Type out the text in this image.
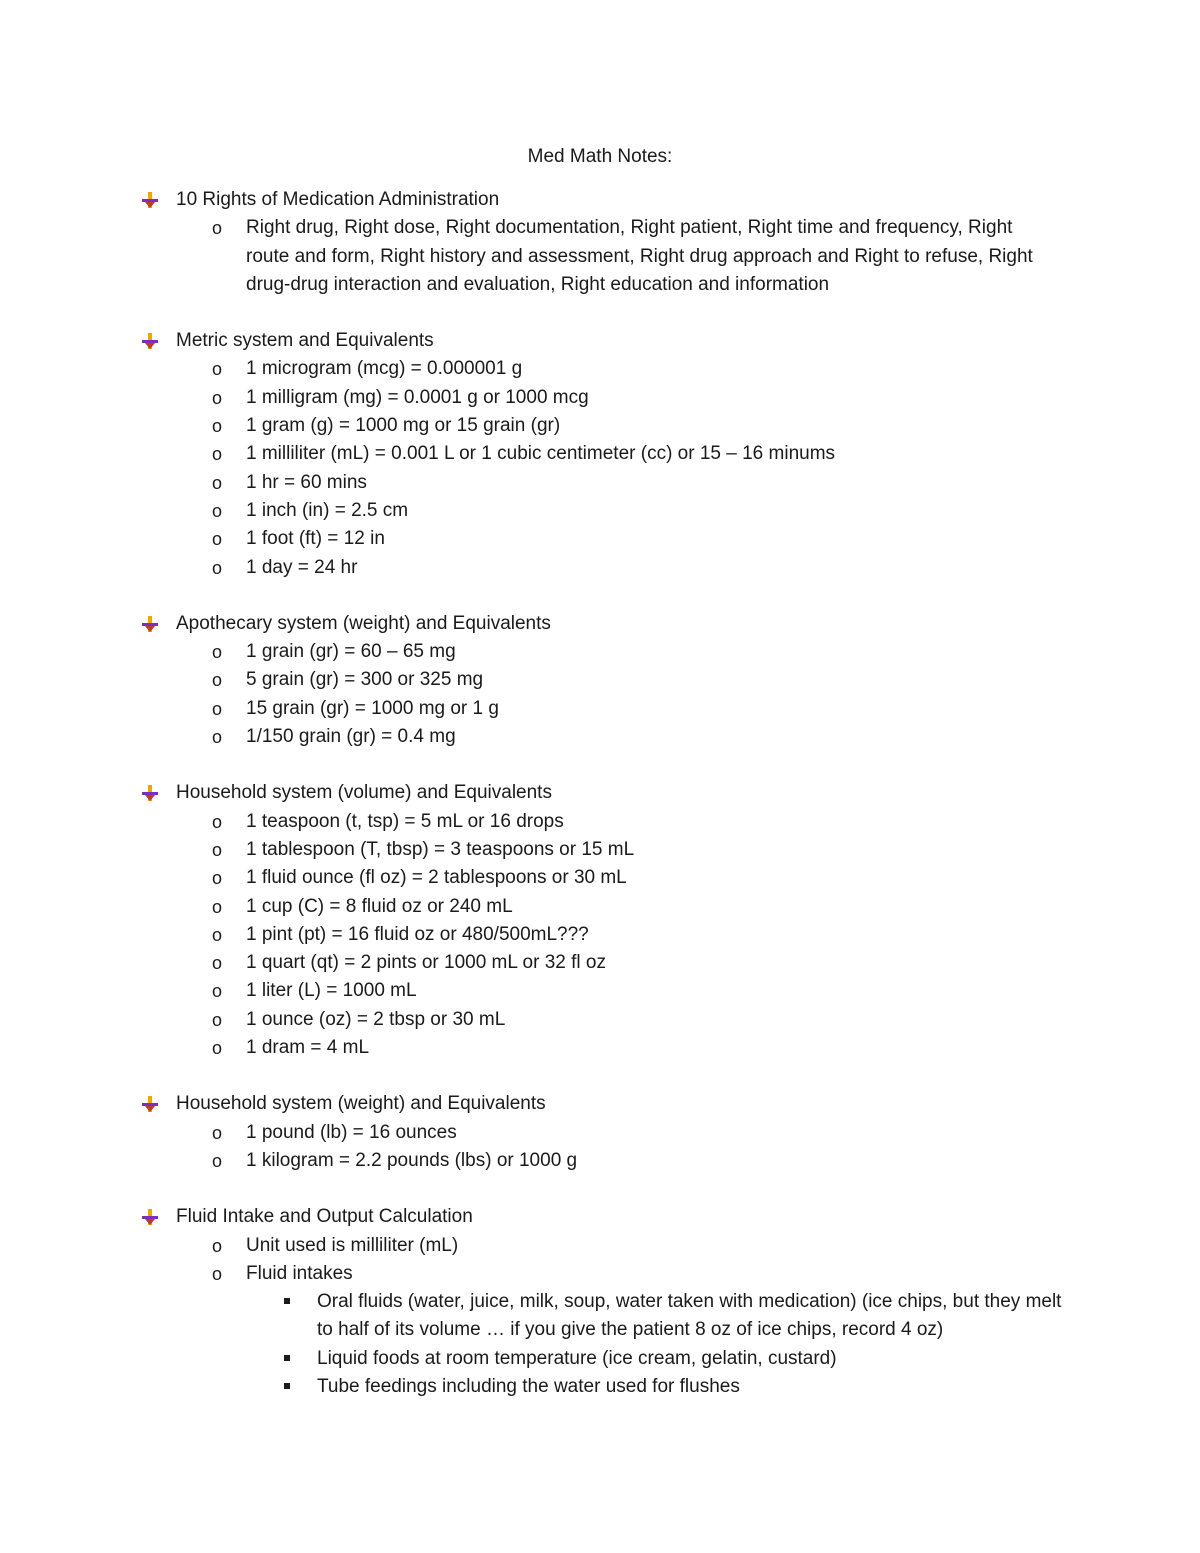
Med Math Notes:
10 Rights of Medication Administration
o Right drug, Right dose, Right documentation, Right patient, Right time and frequency, Right route and form, Right history and assessment, Right drug approach and Right to refuse, Right drug-drug interaction and evaluation, Right education and information
Metric system and Equivalents
o 1 microgram (mcg) = 0.000001 g
o 1 milligram (mg) = 0.0001 g or 1000 mcg
o 1 gram (g) = 1000 mg or 15 grain (gr)
o 1 milliliter (mL) = 0.001 L or 1 cubic centimeter (cc) or 15 – 16 minums
o 1 hr = 60 mins
o 1 inch (in) = 2.5 cm
o 1 foot (ft) = 12 in
o 1 day = 24 hr
Apothecary system (weight) and Equivalents
o 1 grain (gr) = 60 – 65 mg
o 5 grain (gr) = 300 or 325 mg
o 15 grain (gr) = 1000 mg or 1 g
o 1/150 grain (gr) = 0.4 mg
Household system (volume) and Equivalents
o 1 teaspoon (t, tsp) = 5 mL or 16 drops
o 1 tablespoon (T, tbsp) = 3 teaspoons or 15 mL
o 1 fluid ounce (fl oz) = 2 tablespoons or 30 mL
o 1 cup (C) = 8 fluid oz or 240 mL
o 1 pint (pt) = 16 fluid oz or 480/500mL???
o 1 quart (qt) = 2 pints or 1000 mL or 32 fl oz
o 1 liter (L) = 1000 mL
o 1 ounce (oz) = 2 tbsp or 30 mL
o 1 dram = 4 mL
Household system (weight) and Equivalents
o 1 pound (lb) = 16 ounces
o 1 kilogram = 2.2 pounds (lbs) or 1000 g
Fluid Intake and Output Calculation
o Unit used is milliliter (mL)
o Fluid intakes
Oral fluids (water, juice, milk, soup, water taken with medication) (ice chips, but they melt to half of its volume … if you give the patient 8 oz of ice chips, record 4 oz)
Liquid foods at room temperature (ice cream, gelatin, custard)
Tube feedings including the water used for flushes
